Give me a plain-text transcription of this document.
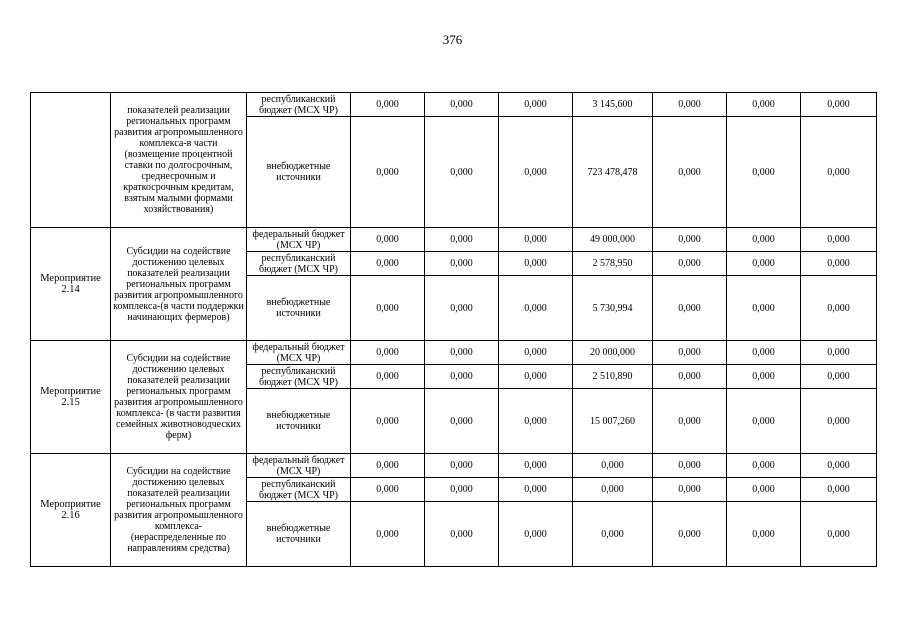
376
	показателей реализации региональных программ развития агропромышленного комплекса-в части (возмещение процентной ставки по долгосрочным, среднесрочным и краткосрочным кредитам, взятым малыми формами хозяйствования)	республиканский бюджет (МСХ ЧР)	0,000	0,000	0,000	3 145,600	0,000	0,000	0,000
		внебюджетные источники	0,000	0,000	0,000	723 478,478	0,000	0,000	0,000
Мероприятие 2.14	Субсидии на содействие достижению целевых показателей реализации региональных программ развития агропромышленного комплекса-(в части поддержки начинающих фермеров)	федеральный бюджет (МСХ ЧР)	0,000	0,000	0,000	49 000,000	0,000	0,000	0,000
		республиканский бюджет (МСХ ЧР)	0,000	0,000	0,000	2 578,950	0,000	0,000	0,000
		внебюджетные источники	0,000	0,000	0,000	5 730,994	0,000	0,000	0,000
Мероприятие 2.15	Субсидии на содействие достижению целевых показателей реализации региональных программ развития агропромышленного комплекса- (в части развития семейных животноводческих ферм)	федеральный бюджет (МСХ ЧР)	0,000	0,000	0,000	20 000,000	0,000	0,000	0,000
		республиканский бюджет (МСХ ЧР)	0,000	0,000	0,000	2 510,890	0,000	0,000	0,000
		внебюджетные источники	0,000	0,000	0,000	15 007,260	0,000	0,000	0,000
Мероприятие 2.16	Субсидии на содействие достижению целевых показателей реализации региональных программ развития агропромышленного комплекса- (нераспределенные по направлениям средства)	федеральный бюджет (МСХ ЧР)	0,000	0,000	0,000	0,000	0,000	0,000	0,000
		республиканский бюджет (МСХ ЧР)	0,000	0,000	0,000	0,000	0,000	0,000	0,000
		внебюджетные источники	0,000	0,000	0,000	0,000	0,000	0,000	0,000
